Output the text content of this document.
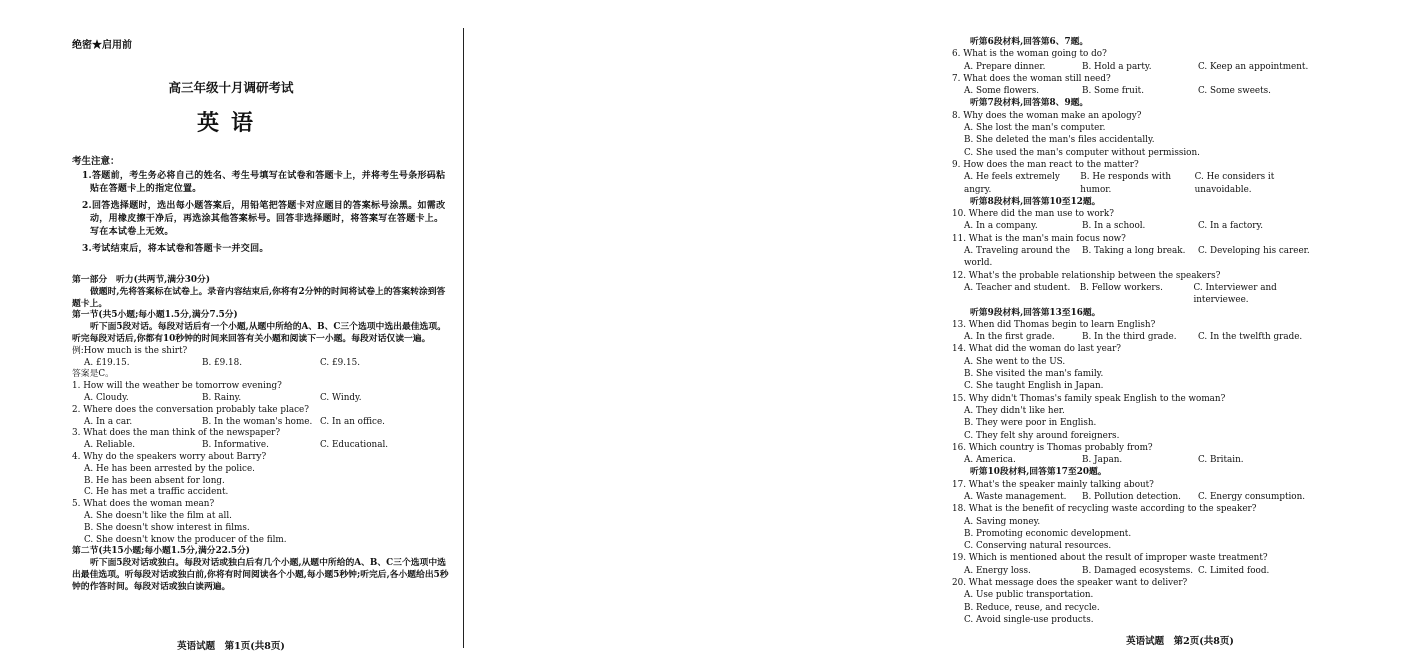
绝密★启用前
高三年级十月调研考试
英语
考生注意：
1.答题前，考生务必将自己的姓名、考生号填写在试卷和答题卡上，并将考生号条形码粘贴在答题卡上的指定位置。
2.回答选择题时，选出每小题答案后，用铅笔把答题卡对应题目的答案标号涂黑。如需改动，用橡皮擦干净后，再选涂其他答案标号。回答非选择题时，将答案写在答题卡上。写在本试卷上无效。
3.考试结束后，将本试卷和答题卡一并交回。
第一部分　听力(共两节,满分30分)
做题时,先将答案标在试卷上。录音内容结束后,你将有2分钟的时间将试卷上的答案转涂到答题卡上。
第一节(共5小题;每小题1.5分,满分7.5分)
听下面5段对话。每段对话后有一个小题,从题中所给的A、B、C三个选项中选出最佳选项。听完每段对话后,你都有10秒钟的时间来回答有关小题和阅读下一小题。每段对话仅读一遍。
例:How much is the shirt?
A. £19.15.	B. £9.18.	C. £9.15.
答案是C。
1. How will the weather be tomorrow evening?
A. Cloudy.	B. Rainy.	C. Windy.
2. Where does the conversation probably take place?
A. In a car.	B. In the woman's home. C. In an office.
3. What does the man think of the newspaper?
A. Reliable.	B. Informative.	C. Educational.
4. Why do the speakers worry about Barry?
A. He has been arrested by the police.
B. He has been absent for long.
C. He has met a traffic accident.
5. What does the woman mean?
A. She doesn't like the film at all.
B. She doesn't show interest in films.
C. She doesn't know the producer of the film.
第二节(共15小题;每小题1.5分,满分22.5分)
听下面5段对话或独白。每段对话或独白后有几个小题,从题中所给的A、B、C三个选项中选出最佳选项。听每段对话或独白前,你将有时间阅读各个小题,每小题5秒钟;听完后,各小题给出5秒钟的作答时间。每段对话或独白读两遍。
英语试题　第1页(共8页)
听第6段材料,回答第6、7题。
6. What is the woman going to do?
A. Prepare dinner.	B. Hold a party.	C. Keep an appointment.
7. What does the woman still need?
A. Some flowers.	B. Some fruit.	C. Some sweets.
听第7段材料,回答第8、9题。
8. Why does the woman make an apology?
A. She lost the man's computer.
B. She deleted the man's files accidentally.
C. She used the man's computer without permission.
9. How does the man react to the matter?
A. He feels extremely angry.
B. He responds with humor.
C. He considers it unavoidable.
听第8段材料,回答第10至12题。
10. Where did the man use to work?
A. In a company.	B. In a school.	C. In a factory.
11. What is the man's main focus now?
A. Traveling around the world.
B. Taking a long break.	C. Developing his career.
12. What's the probable relationship between the speakers?
A. Teacher and student.	B. Fellow workers.	C. Interviewer and interviewee.
听第9段材料,回答第13至16题。
13. When did Thomas begin to learn English?
A. In the first grade.	B. In the third grade.	C. In the twelfth grade.
14. What did the woman do last year?
A. She went to the US.
B. She visited the man's family.
C. She taught English in Japan.
15. Why didn't Thomas's family speak English to the woman?
A. They didn't like her.
B. They were poor in English.
C. They felt shy around foreigners.
16. Which country is Thomas probably from?
A. America.	B. Japan.	C. Britain.
听第10段材料,回答第17至20题。
17. What's the speaker mainly talking about?
A. Waste management.	B. Pollution detection.	C. Energy consumption.
18. What is the benefit of recycling waste according to the speaker?
A. Saving money.
B. Promoting economic development.
C. Conserving natural resources.
19. Which is mentioned about the result of improper waste treatment?
A. Energy loss.	B. Damaged ecosystems. C. Limited food.
20. What message does the speaker want to deliver?
A. Use public transportation.
B. Reduce, reuse, and recycle.
C. Avoid single-use products.
英语试题　第2页(共8页)
